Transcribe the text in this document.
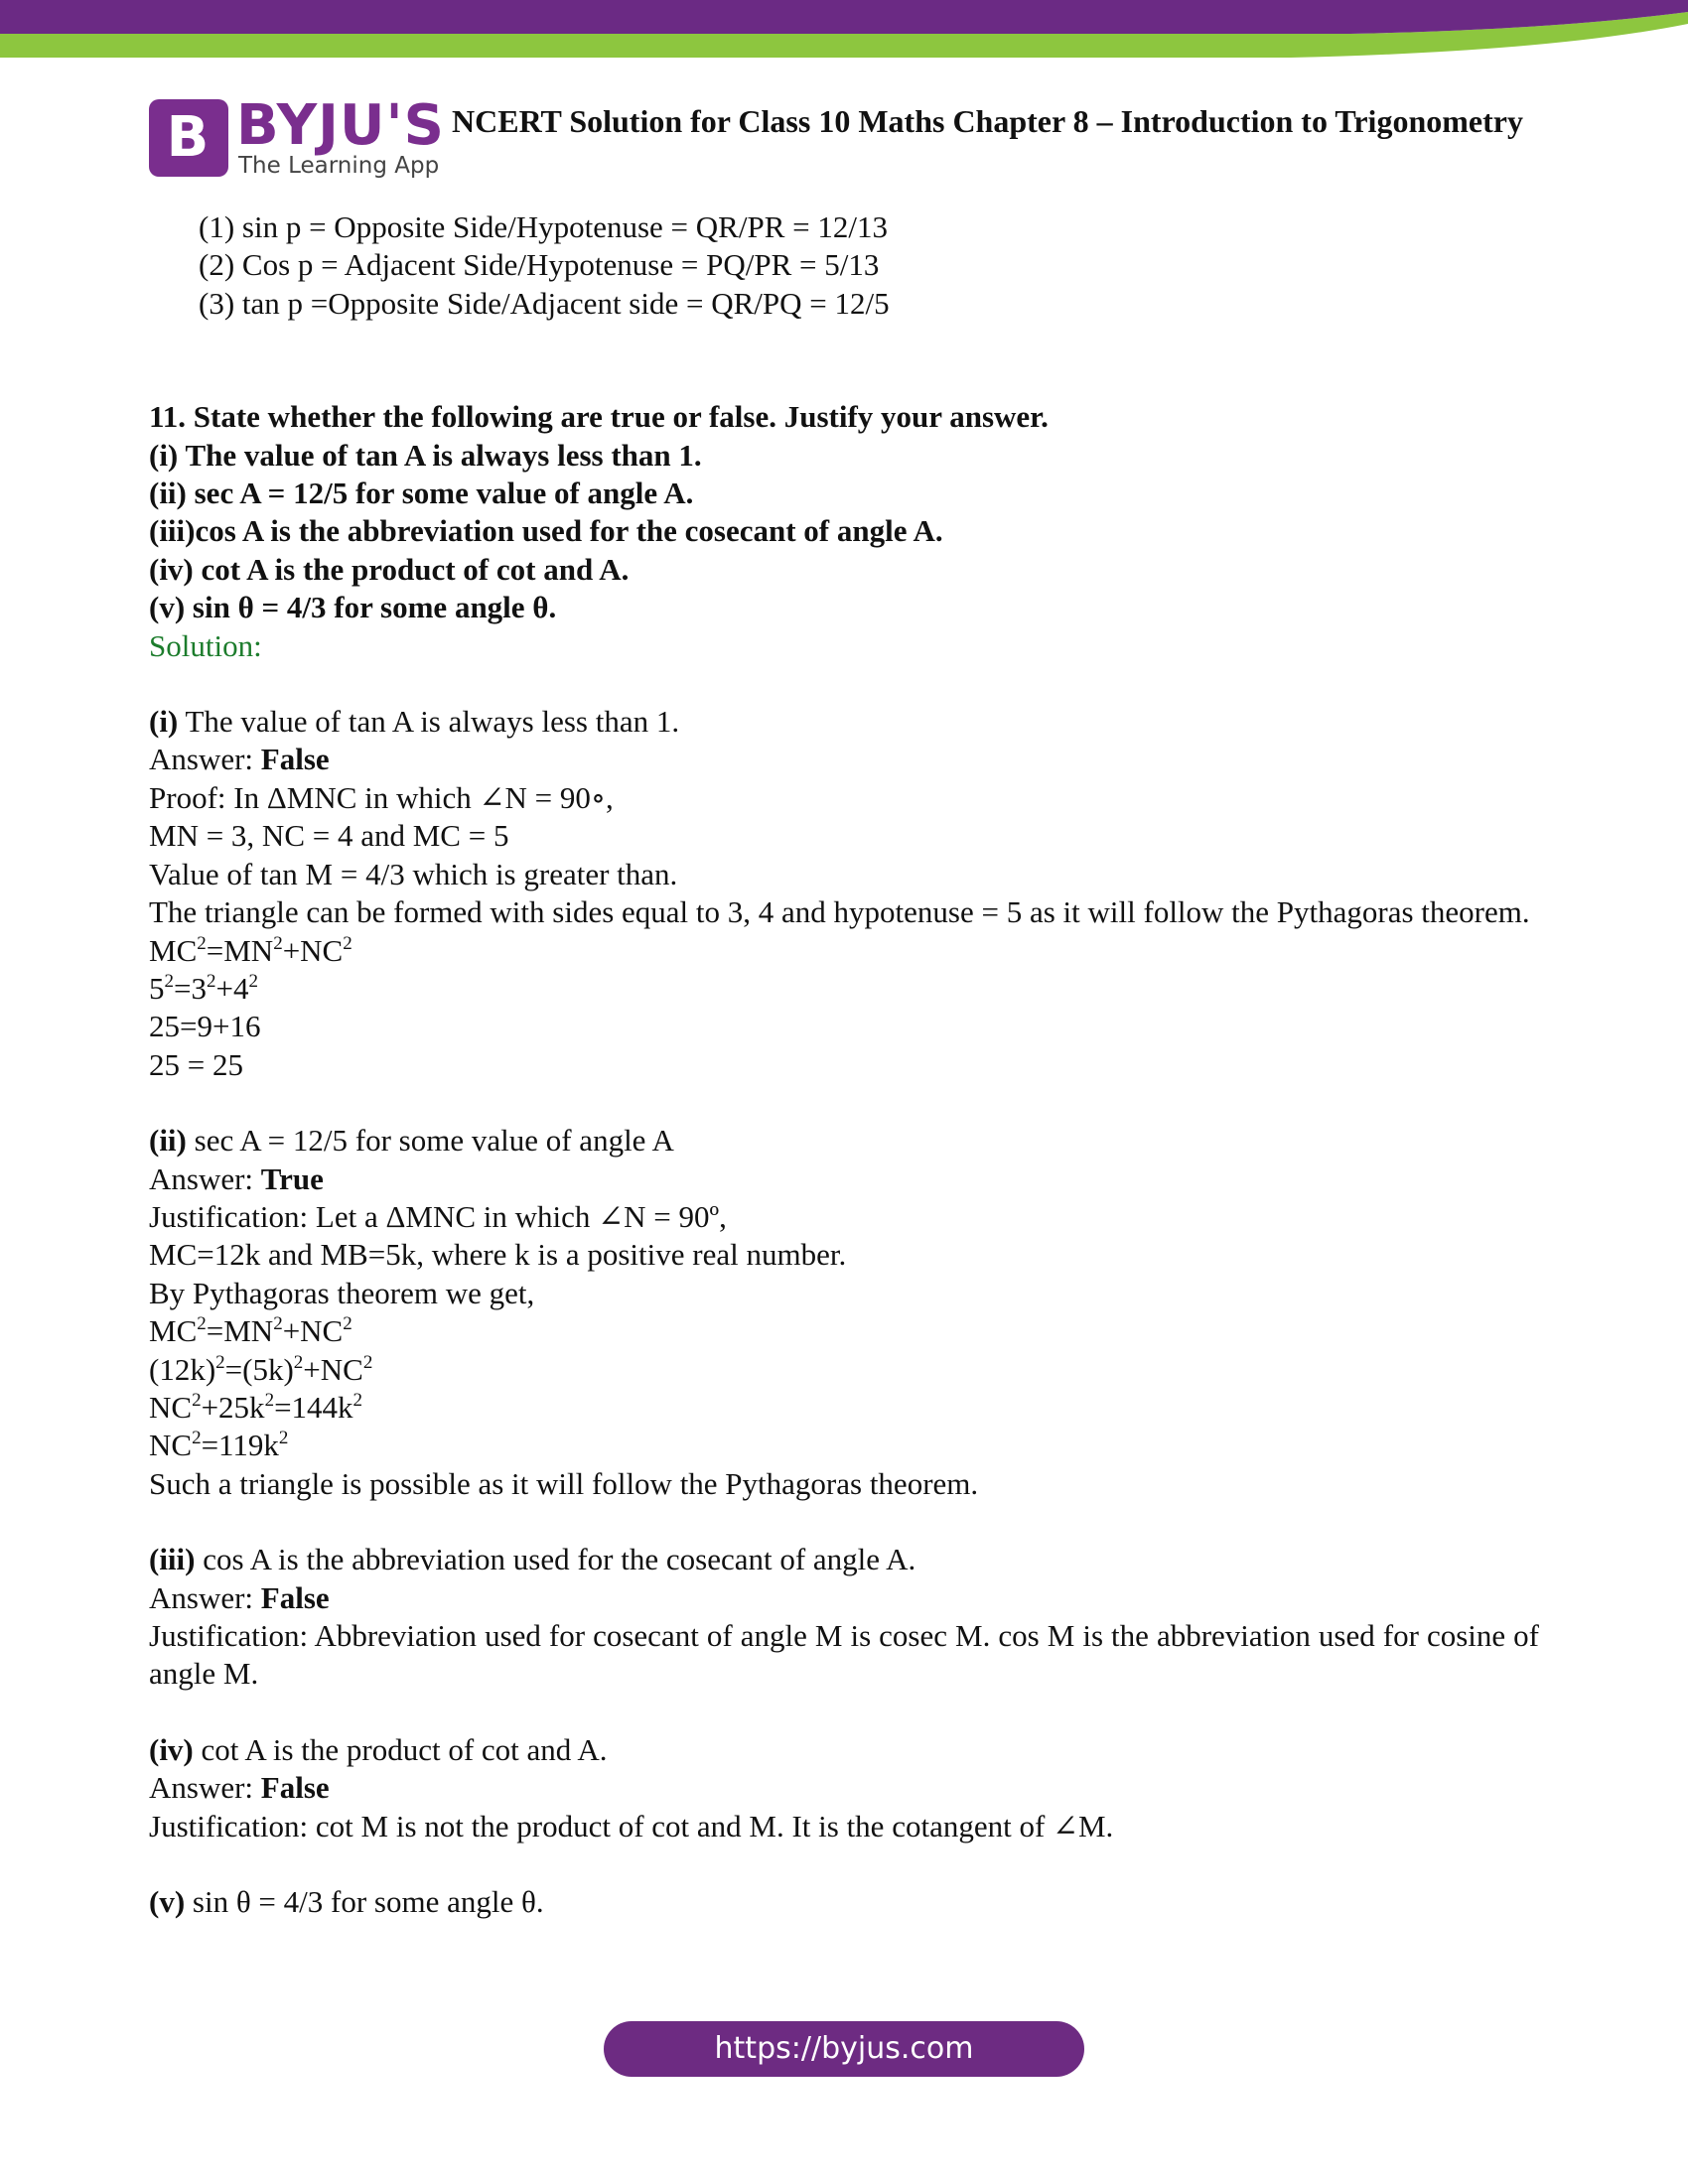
B BYJU'S
The Learning App
NCERT Solution for Class 10 Maths Chapter 8 – Introduction to Trigonometry
(1) sin p = Opposite Side/Hypotenuse = QR/PR = 12/13
(2) Cos p = Adjacent Side/Hypotenuse = PQ/PR = 5/13
(3) tan p =Opposite Side/Adjacent side = QR/PQ = 12/5
11. State whether the following are true or false. Justify your answer.
(i) The value of tan A is always less than 1.
(ii) sec A = 12/5 for some value of angle A.
(iii)cos A is the abbreviation used for the cosecant of angle A.
(iv) cot A is the product of cot and A.
(v) sin θ = 4/3 for some angle θ.
Solution:
(i) The value of tan A is always less than 1.
Answer: False
Proof: In ΔMNC in which ∠N = 90∘,
MN = 3, NC = 4 and MC = 5
Value of tan M = 4/3 which is greater than.
The triangle can be formed with sides equal to 3, 4 and hypotenuse = 5 as it will follow the Pythagoras theorem.
$MC^2=MN^2+NC^2$
$5^2=3^2+4^2$
25=9+16
25 = 25
(ii) sec A = 12/5 for some value of angle A
Answer: True
Justification: Let a ΔMNC in which ∠N = 90º,
MC=12k and MB=5k, where k is a positive real number.
By Pythagoras theorem we get,
$MC^2=MN^2+NC^2$
$(12k)^2=(5k)^2+NC^2$
$NC^2+25k^2=144k^2$
$NC^2=119k^2$
Such a triangle is possible as it will follow the Pythagoras theorem.
(iii) cos A is the abbreviation used for the cosecant of angle A.
Answer: False
Justification: Abbreviation used for cosecant of angle M is cosec M. cos M is the abbreviation used for cosine of angle M.
(iv) cot A is the product of cot and A.
Answer: False
Justification: cot M is not the product of cot and M. It is the cotangent of ∠M.
(v) sin θ = 4/3 for some angle θ.
https://byjus.com
